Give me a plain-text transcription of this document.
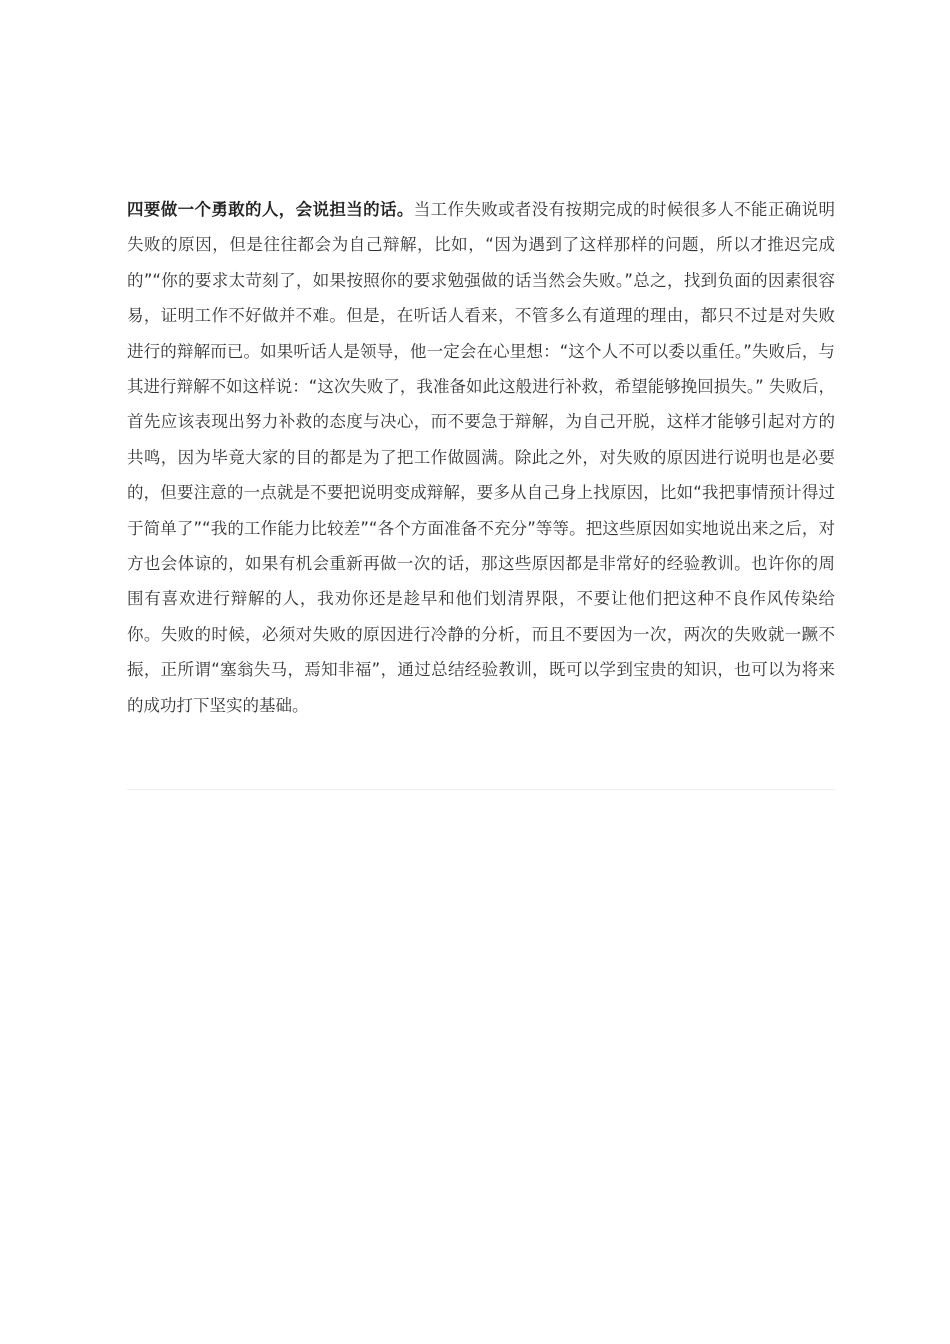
四要做一个勇敢的人，会说担当的话。当工作失败或者没有按期完成的时候很多人不能正确说明失败的原因，但是往往都会为自己辩解，比如，“因为遇到了这样那样的问题，所以才推迟完成的”“你的要求太苛刻了，如果按照你的要求勉强做的话当然会失败。”总之，找到负面的因素很容易，证明工作不好做并不难。但是，在听话人看来，不管多么有道理的理由，都只不过是对失败进行的辩解而已。如果听话人是领导，他一定会在心里想：“这个人不可以委以重任。”失败后，与其进行辩解不如这样说：“这次失败了，我准备如此这般进行补救，希望能够挽回损失。” 失败后，首先应该表现出努力补救的态度与决心，而不要急于辩解，为自己开脱，这样才能够引起对方的共鸣，因为毕竟大家的目的都是为了把工作做圆满。除此之外，对失败的原因进行说明也是必要的，但要注意的一点就是不要把说明变成辩解，要多从自己身上找原因，比如“我把事情预计得过于简单了”“我的工作能力比较差”“各个方面准备不充分”等等。把这些原因如实地说出来之后，对方也会体谅的，如果有机会重新再做一次的话，那这些原因都是非常好的经验教训。也许你的周围有喜欢进行辩解的人，我劝你还是趁早和他们划清界限，不要让他们把这种不良作风传染给你。失败的时候，必须对失败的原因进行冷静的分析，而且不要因为一次，两次的失败就一蹶不振，正所谓“塞翁失马，焉知非福”，通过总结经验教训，既可以学到宝贵的知识，也可以为将来的成功打下坚实的基础。
